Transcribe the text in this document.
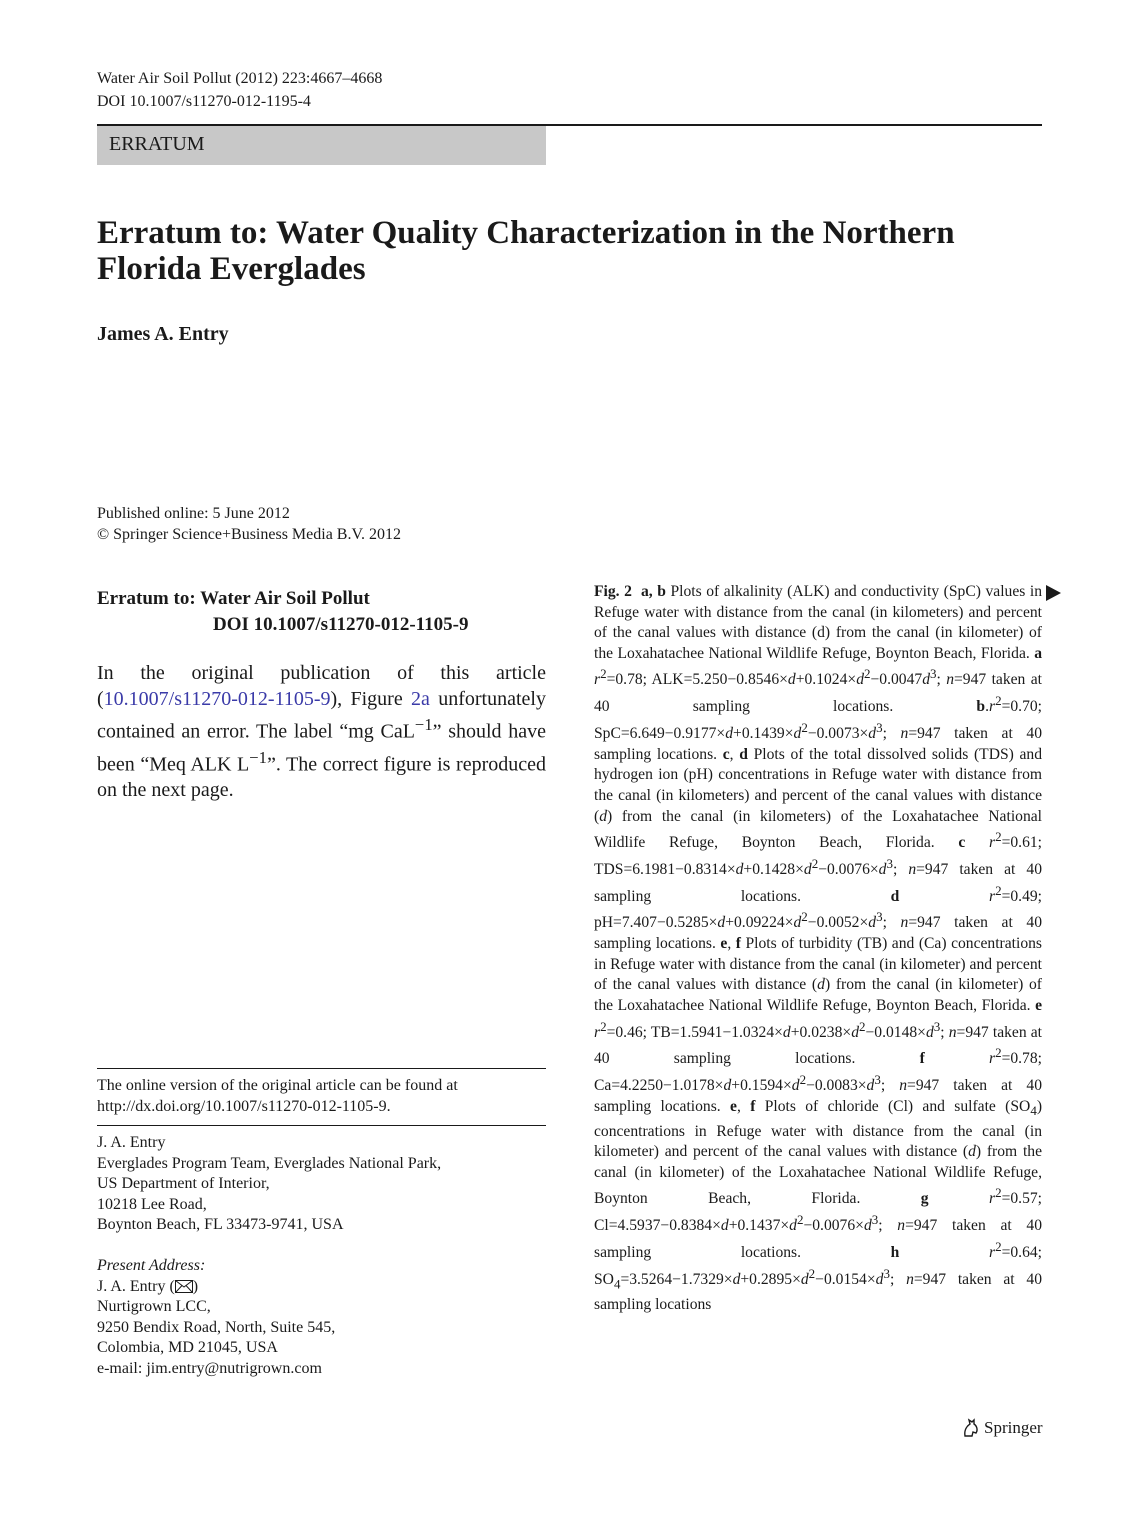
Water Air Soil Pollut (2012) 223:4667–4668
DOI 10.1007/s11270-012-1195-4
ERRATUM
Erratum to: Water Quality Characterization in the Northern Florida Everglades
James A. Entry
Published online: 5 June 2012
© Springer Science+Business Media B.V. 2012
Erratum to: Water Air Soil Pollut
DOI 10.1007/s11270-012-1105-9
In the original publication of this article (10.1007/s11270-012-1105-9), Figure 2a unfortunately contained an error. The label “mg CaL$^{-1}$” should have been “Meq ALK $L^{-1}$”. The correct figure is reproduced on the next page.
The online version of the original article can be found at http://dx.doi.org/10.1007/s11270-012-1105-9.
J. A. Entry
Everglades Program Team, Everglades National Park,
US Department of Interior,
10218 Lee Road,
Boynton Beach, FL 33473-9741, USA
Present Address:
J. A. Entry ( )
Nurtigrown LCC,
9250 Bendix Road, North, Suite 545,
Colombia, MD 21045, USA
e-mail: jim.entry@nutrigrown.com
Fig. 2 a, b Plots of alkalinity (ALK) and conductivity (SpC) values in Refuge water with distance from the canal (in kilometers) and percent of the canal values with distance (d) from the canal (in kilometer) of the Loxahatachee National Wildlife Refuge, Boynton Beach, Florida. a $r^2=0.78$; $ALK=5.250-0.8546\times d+0.1024\times d^2-0.0047d^3$; n=947 taken at 40 sampling locations. $b.r^2=0.70$; $SpC=6.649-0.9177\times d+0.1439\times d^2-0.0073\times d^3$; n=947 taken at 40 sampling locations. c, d Plots of the total dissolved solids (TDS) and hydrogen ion (pH) concentrations in Refuge water with distance from the canal (in kilometers) and percent of the canal values with distance (d) from the canal (in kilometers) of the Loxahatachee National Wildlife Refuge, Boynton Beach, Florida. c $r^2=0.61$; $TDS=6.1981-0.8314\times d+0.1428\times d^2-0.0076\times d^3$; n=947 taken at 40 sampling locations. d	$r^2=0.49$; $pH=7.407-0.5285\times d+0.09224\times d^2-0.0052\times d^3$; n=947 taken at 40 sampling locations. e, f Plots of turbidity (TB) and (Ca) concentrations in Refuge water with distance from the canal (in kilometer) and percent of the canal values with distance (d) from the canal (in kilometer) of the Loxahatachee National Wildlife Refuge, Boynton Beach, Florida. e $r^2=0.46$; $TB=1.5941-1.0324\times d+0.0238\times d^2-0.0148\times d^3$; n=947 taken at 40 sampling locations. f	$r^2=0.78$; $Ca=4.2250-1.0178\times d+0.1594\times d^2-0.0083\times d^3$; n=947 taken at 40 sampling locations. e, f Plots of chloride (Cl) and sulfate $(SO_4)$ concentrations in Refuge water with distance from the canal (in kilometer) and percent of the canal values with distance (d) from the canal (in kilometer) of the Loxahatachee National Wildlife Refuge, Boynton Beach, Florida. g	$r^2=0.57$; $Cl=4.5937-0.8384\times d+0.1437\times d^2-0.0076\times d^3$; n=947 taken at 40 sampling locations. h	$r^2=0.64$; $SO_4=3.5264-1.7329\times d+0.2895\times d^2-0.0154\times d^3$; n=947 taken at 40 sampling locations
Springer
